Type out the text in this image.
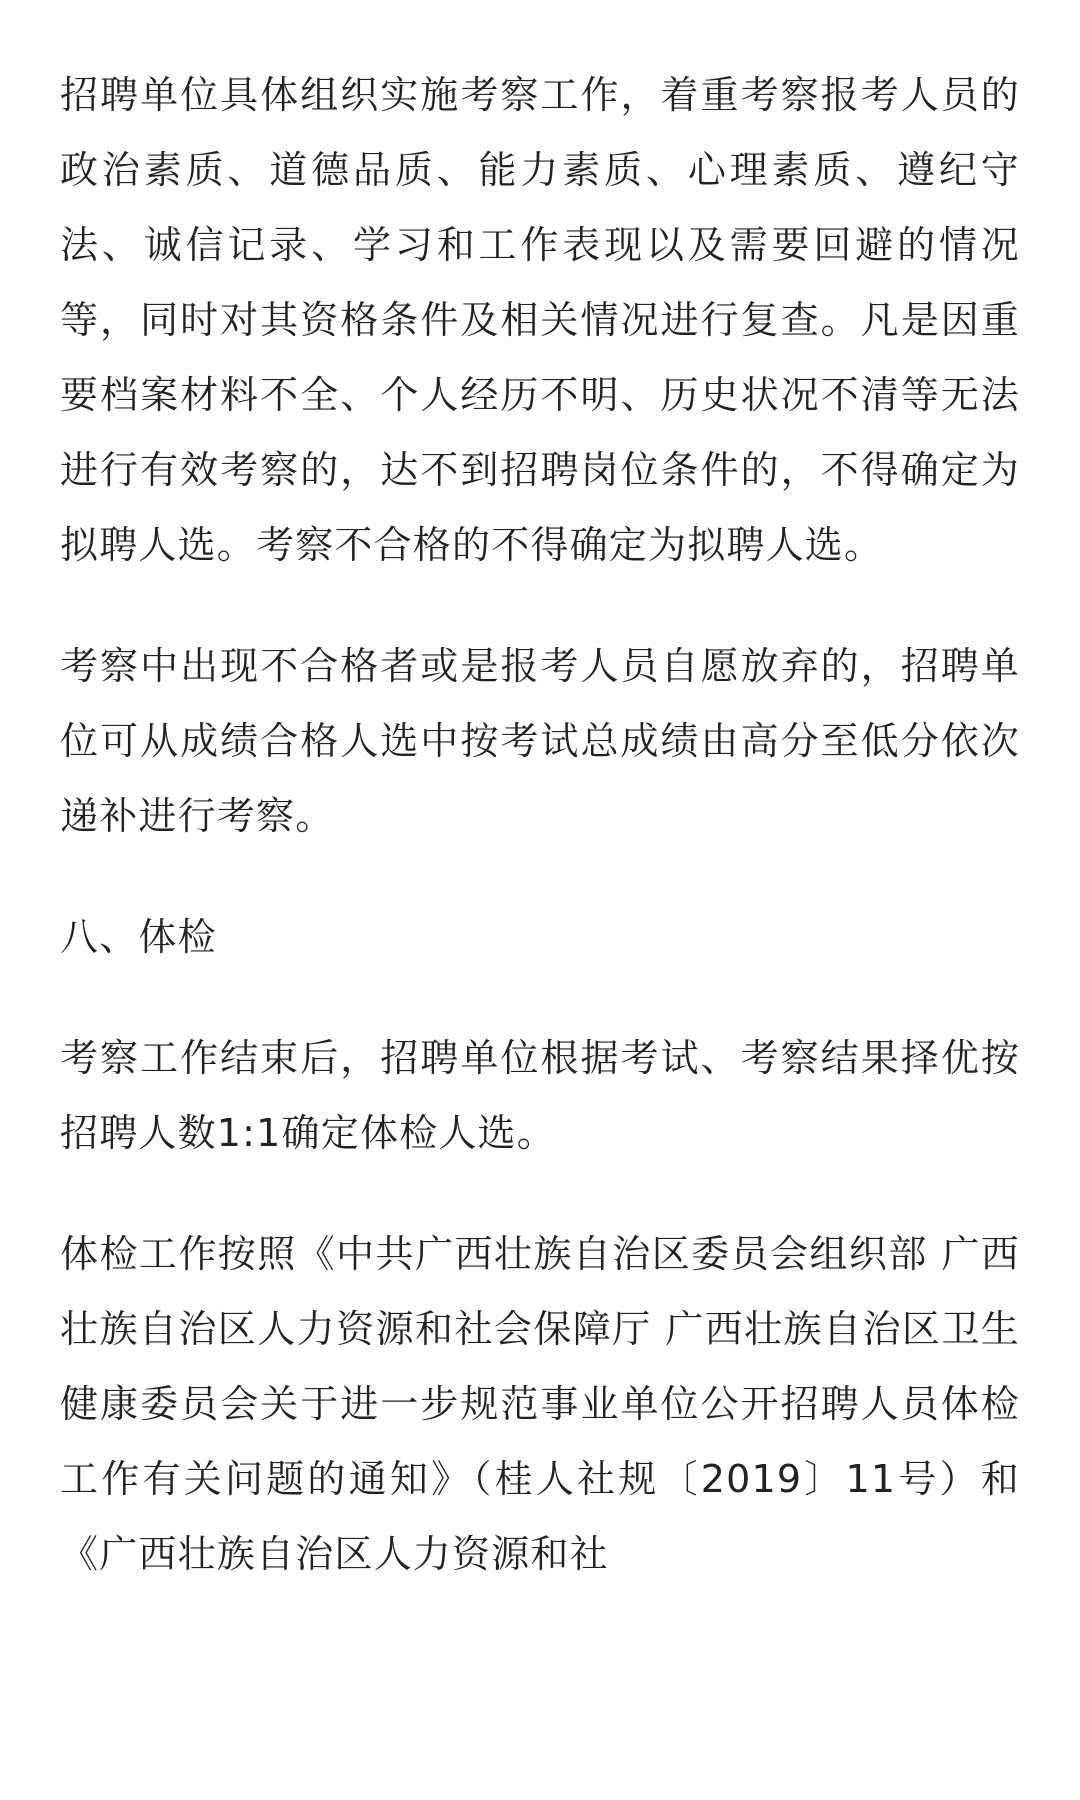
招聘单位具体组织实施考察工作，着重考察报考人员的政治素质、道德品质、能力素质、心理素质、遵纪守法、诚信记录、学习和工作表现以及需要回避的情况等，同时对其资格条件及相关情况进行复查。凡是因重要档案材料不全、个人经历不明、历史状况不清等无法进行有效考察的，达不到招聘岗位条件的，不得确定为拟聘人选。考察不合格的不得确定为拟聘人选。

考察中出现不合格者或是报考人员自愿放弃的，招聘单位可从成绩合格人选中按考试总成绩由高分至低分依次递补进行考察。

八、体检

考察工作结束后，招聘单位根据考试、考察结果择优按招聘人数1:1确定体检人选。

体检工作按照《中共广西壮族自治区委员会组织部 广西壮族自治区人力资源和社会保障厅 广西壮族自治区卫生健康委员会关于进一步规范事业单位公开招聘人员体检工作有关问题的通知》（桂人社规〔2019〕11号）和《广西壮族自治区人力资源和社
